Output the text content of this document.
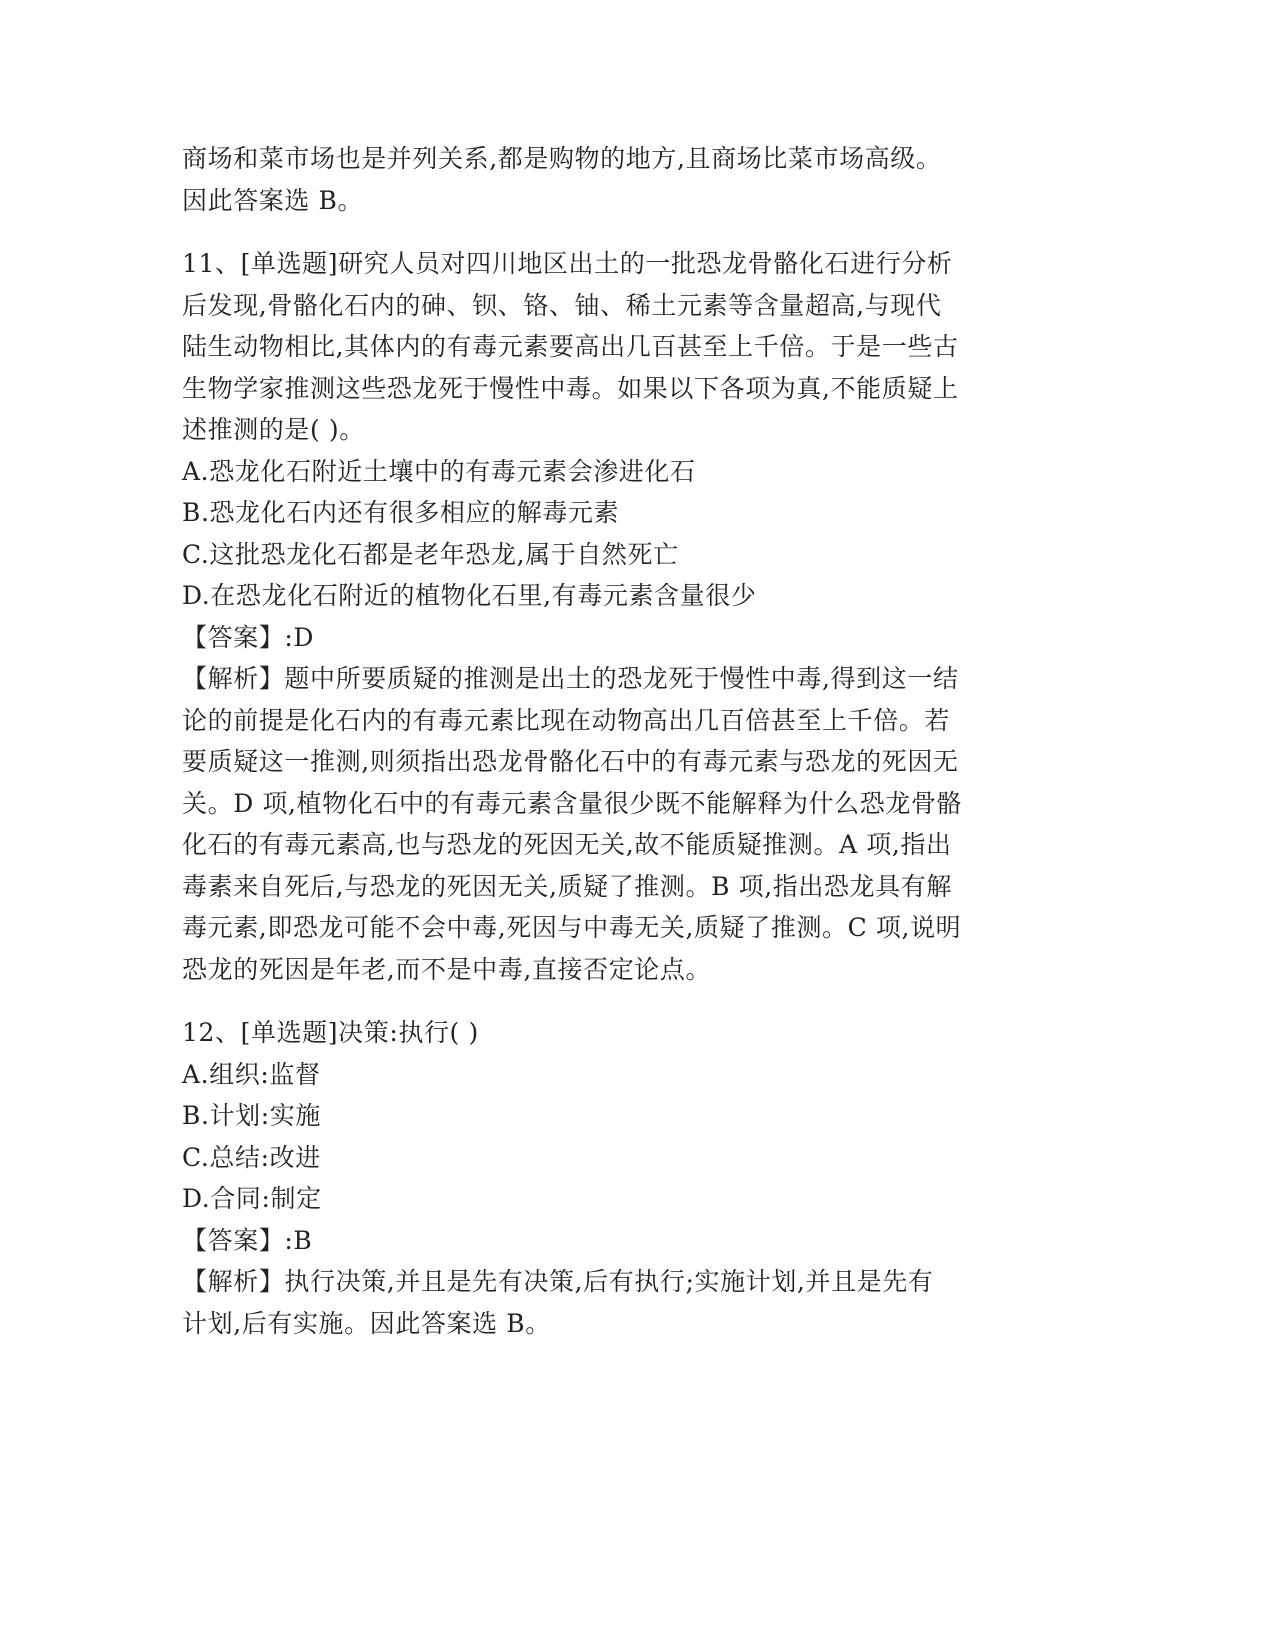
商场和菜市场也是并列关系,都是购物的地方,且商场比菜市场高级。
因此答案选 B。
11、[单选题]研究人员对四川地区出土的一批恐龙骨骼化石进行分析
后发现,骨骼化石内的砷、钡、铬、铀、稀土元素等含量超高,与现代
陆生动物相比,其体内的有毒元素要高出几百甚至上千倍。于是一些古
生物学家推测这些恐龙死于慢性中毒。如果以下各项为真,不能质疑上
述推测的是( )。
A.恐龙化石附近土壤中的有毒元素会渗进化石
B.恐龙化石内还有很多相应的解毒元素
C.这批恐龙化石都是老年恐龙,属于自然死亡
D.在恐龙化石附近的植物化石里,有毒元素含量很少
【答案】:D
【解析】题中所要质疑的推测是出土的恐龙死于慢性中毒,得到这一结
论的前提是化石内的有毒元素比现在动物高出几百倍甚至上千倍。若
要质疑这一推测,则须指出恐龙骨骼化石中的有毒元素与恐龙的死因无
关。D 项,植物化石中的有毒元素含量很少既不能解释为什么恐龙骨骼
化石的有毒元素高,也与恐龙的死因无关,故不能质疑推测。A 项,指出
毒素来自死后,与恐龙的死因无关,质疑了推测。B 项,指出恐龙具有解
毒元素,即恐龙可能不会中毒,死因与中毒无关,质疑了推测。C 项,说明
恐龙的死因是年老,而不是中毒,直接否定论点。
12、[单选题]决策:执行( )
A.组织:监督
B.计划:实施
C.总结:改进
D.合同:制定
【答案】:B
【解析】执行决策,并且是先有决策,后有执行;实施计划,并且是先有
计划,后有实施。因此答案选 B。
